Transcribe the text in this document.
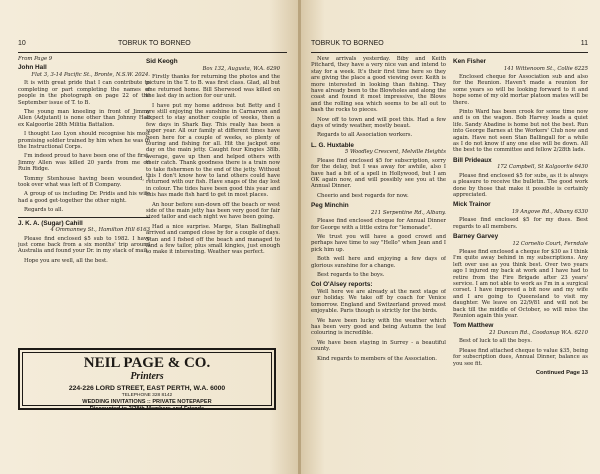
10	TOBRUK TO BORNEO

From Page 9

John Hall

Flat 3, 3-14 Pacific St., Bronte, N.S.W. 2024.

It is with great pride that I can contribute to completing or part completing the names of people in the photograph on page 22 of the September issue of T. to B.

The young man kneeling in front of Jimmy Allen (Adjutant) is none other than Johnny Hall ex Kalgoorlie 28th Militia Battalion.

I thought Leo Lyon should recognise his most promising soldier trained by him when he was in the Instructional Corps.

I'm indeed proud to have been one of the first. Jimmy Allen was killed 20 yards from me on Ruin Ridge.

Tommy Stenhouse having been wounded, I took over what was left of B Company.

A group of us including Dr. Pridis and his wife had a good get-together the other night.

Regards to all.

J. K. A. (Sugar) Cahill

4 Ommanney St., Hamilton Hill 6163

Please find enclosed $5 sub to 1982. I have just come back from a six months' trip around Australia and found your Dr. in my stack of mail.

Hope you are well, all the best.

Sid Keogh

Box 132, Augusta, W.A. 6290

Firstly thanks for returning the photos and the picture in the T. to B. was first class. Glad, all but one returned home. Bill Sherwood was killed on the last day in action for our unit.

I have put my home address but Betty and I are still enjoying the sunshine in Carnarvon and expect to stay another couple of weeks, then a few days in Shark Bay. This really has been a super year. All our family at different times have been here for a couple of weeks, so plenty of touring and fishing for all. Hit the jackpot one day on the main jetty. Caught four Kingies 38lb. average, gave up then and helped others with their catch. Thank goodness there is a train now to take fishermen to the end of the jetty. Without this I don't know how to land others could have returned with our fish. Have snaps of the day lost in colour. The tides have been good this year and this has made fish hard to get in most places.

An hour before sun-down off the beach or west side of the main jetty has been very good for fair sized tailor and each night we have been going.

Had a nice surprise. Marge, Stan Ballinghall arrived and camped close by for a couple of days. Stan and I fished off the beach and managed to land a few tailor, plus small kingies, just enough to make it interesting. Weather was perfect.

NEIL PAGE & CO.
Printers
224-226 LORD STREET, EAST PERTH, W.A. 6000
TELEPHONE 328 8142
WEDDING INVITATIONS :: PRIVATE NOTEPAPER
Discounted to 2/28th Members and Friends
TOBRUK TO BORNEO	11

New arrivals yesterday. Biby and Keith Pitchard, they have a very nice van and intend to stay for a week. It's their first time here so they are giving the place a good viewing over. Keith is more interested in looking than fishing. They have already been to the Blowholes and along the coast and found it most impressive, the Blows and the rolling sea which seems to be all out to bash the rocks to pieces.

Now off to town and will post this. Had a few days of windy weather, mostly beaut.

Regards to all Association workers.

L. G. Huxtable

5 Woodley Crescent, Melville Heights

Please find enclosed $5 for subscription, sorry for the delay, but I was away for awhile, also I have had a bit of a spell in Hollywood, but I am OK again now, and will possibly see you at the Annual Dinner.

Cheerio and best regards for now.

Peg Minchin

211 Serpentine Rd., Albany.

Please find enclosed cheque for Annual Dinner for George with a little extra for "lemonade".

We trust you will have a good crowd and perhaps have time to say "Hello" when Jean and I pick him up.

Both well here and enjoying a few days of glorious sunshine for a change.

Best regards to the boys.

Col O'Alsey reports:

Well here we are already at the next stage of our holiday. We take off by coach for Venice tomorrow. England and Switzerland proved most enjoyable. Paris though is strictly for the birds.

We have been lucky with the weather which has been very good and being Autumn the leaf colouring is incredible.

We have been staying in Surrey - a beautiful county.

Kind regards to members of the Association.

Ken Fisher

141 Wittenoom St., Collie 6225

Enclosed cheque for Association sub and also for the Reunion. Haven't made a reunion for some years so will be looking forward to it and hope some of my old mortar platoon mates will be there.

Pinto Ward has been crook for some time now and is on the wagon. Bob Harvey leads a quiet life. Sandy Abadine is home but not the best. Run into George Barnes at the Workers' Club now and again. Have not seen Stan Ballingall for a while as I do not know if any one else will be down. All the best to the committee and fellow 2/28th lads.

Bill Prideaux

172 Campbell, St Kalgoorlie 6430

Please find enclosed $5 for subs, as it is always a pleasure to receive the bulletin. The good work done by those that make it possible is certainly appreciated.

Mick Trainor

19 Angove Rd., Albany 6330

Please find enclosed $5 for my dues. Best regards to all members.

Barney Garvey

12 Cornelio Court, Ferndale

Please find enclosed a cheque for $30 as I think I'm quite away behind in my subscriptions. Any left over use as you think best. Over two years ago I injured my back at work and I have had to retire from the Fire Brigade after 23 years' service. I am not able to work as I'm in a surgical corset. I have improved a bit now and my wife and I are going to Queensland to visit my daughter. We leave on 22/9/81 and will not be back till the middle of October, so will miss the Reunion again this year.

Tom Matthew

21 Duncan Rd., Coodanup W.A. 6210

Best of luck to all the boys.

Please find attached cheque to value $35, being for subscription dues, Annual Dinner, balance as you see fit.

Continued Page 13
